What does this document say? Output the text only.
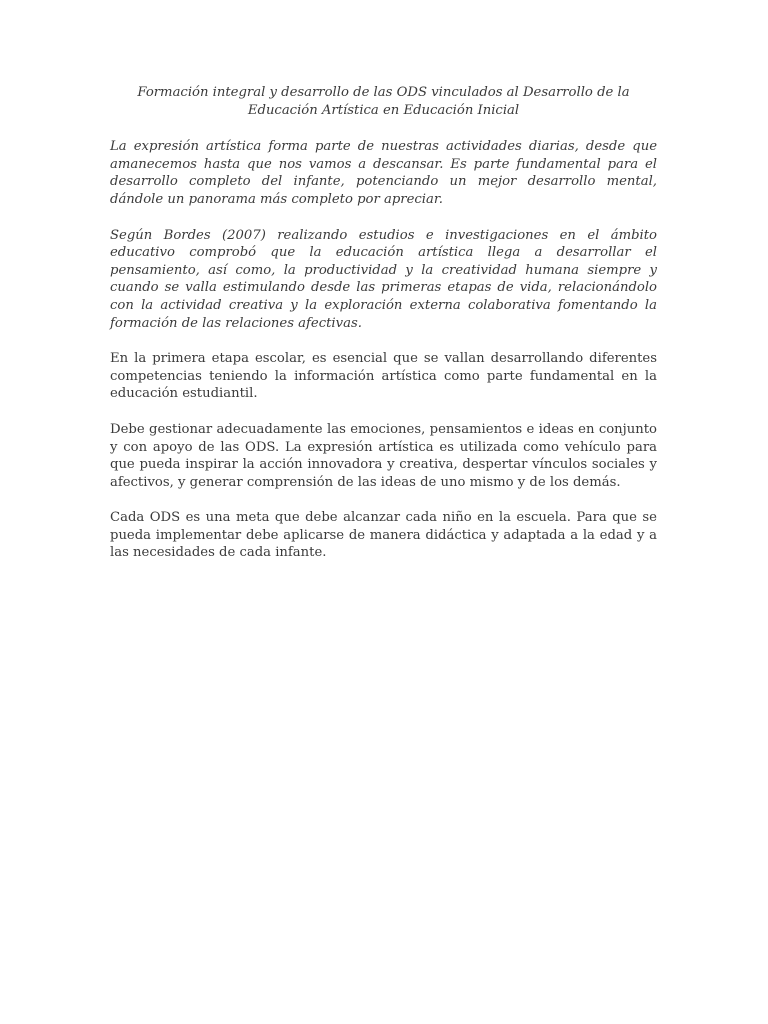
Formación integral y desarrollo de las ODS vinculados al Desarrollo de la Educación Artística en Educación Inicial

La expresión artística forma parte de nuestras actividades diarias, desde que amanecemos hasta que nos vamos a descansar. Es parte fundamental para el desarrollo completo del infante, potenciando un mejor desarrollo mental, dándole un panorama más completo por apreciar.

Según Bordes (2007) realizando estudios e investigaciones en el ámbito educativo comprobó que la educación artística llega a desarrollar el pensamiento, así como, la productividad y la creatividad humana siempre y cuando se valla estimulando desde las primeras etapas de vida, relacionándolo con la actividad creativa y la exploración externa colaborativa fomentando la formación de las relaciones afectivas.

En la primera etapa escolar, es esencial que se vallan desarrollando diferentes competencias teniendo la información artística como parte fundamental en la educación estudiantil.

Debe gestionar adecuadamente las emociones, pensamientos e ideas en conjunto y con apoyo de las ODS. La expresión artística es utilizada como vehículo para que pueda inspirar la acción innovadora y creativa, despertar vínculos sociales y afectivos, y generar comprensión de las ideas de uno mismo y de los demás.

Cada ODS es una meta que debe alcanzar cada niño en la escuela. Para que se pueda implementar debe aplicarse de manera didáctica y adaptada a la edad y a las necesidades de cada infante.
